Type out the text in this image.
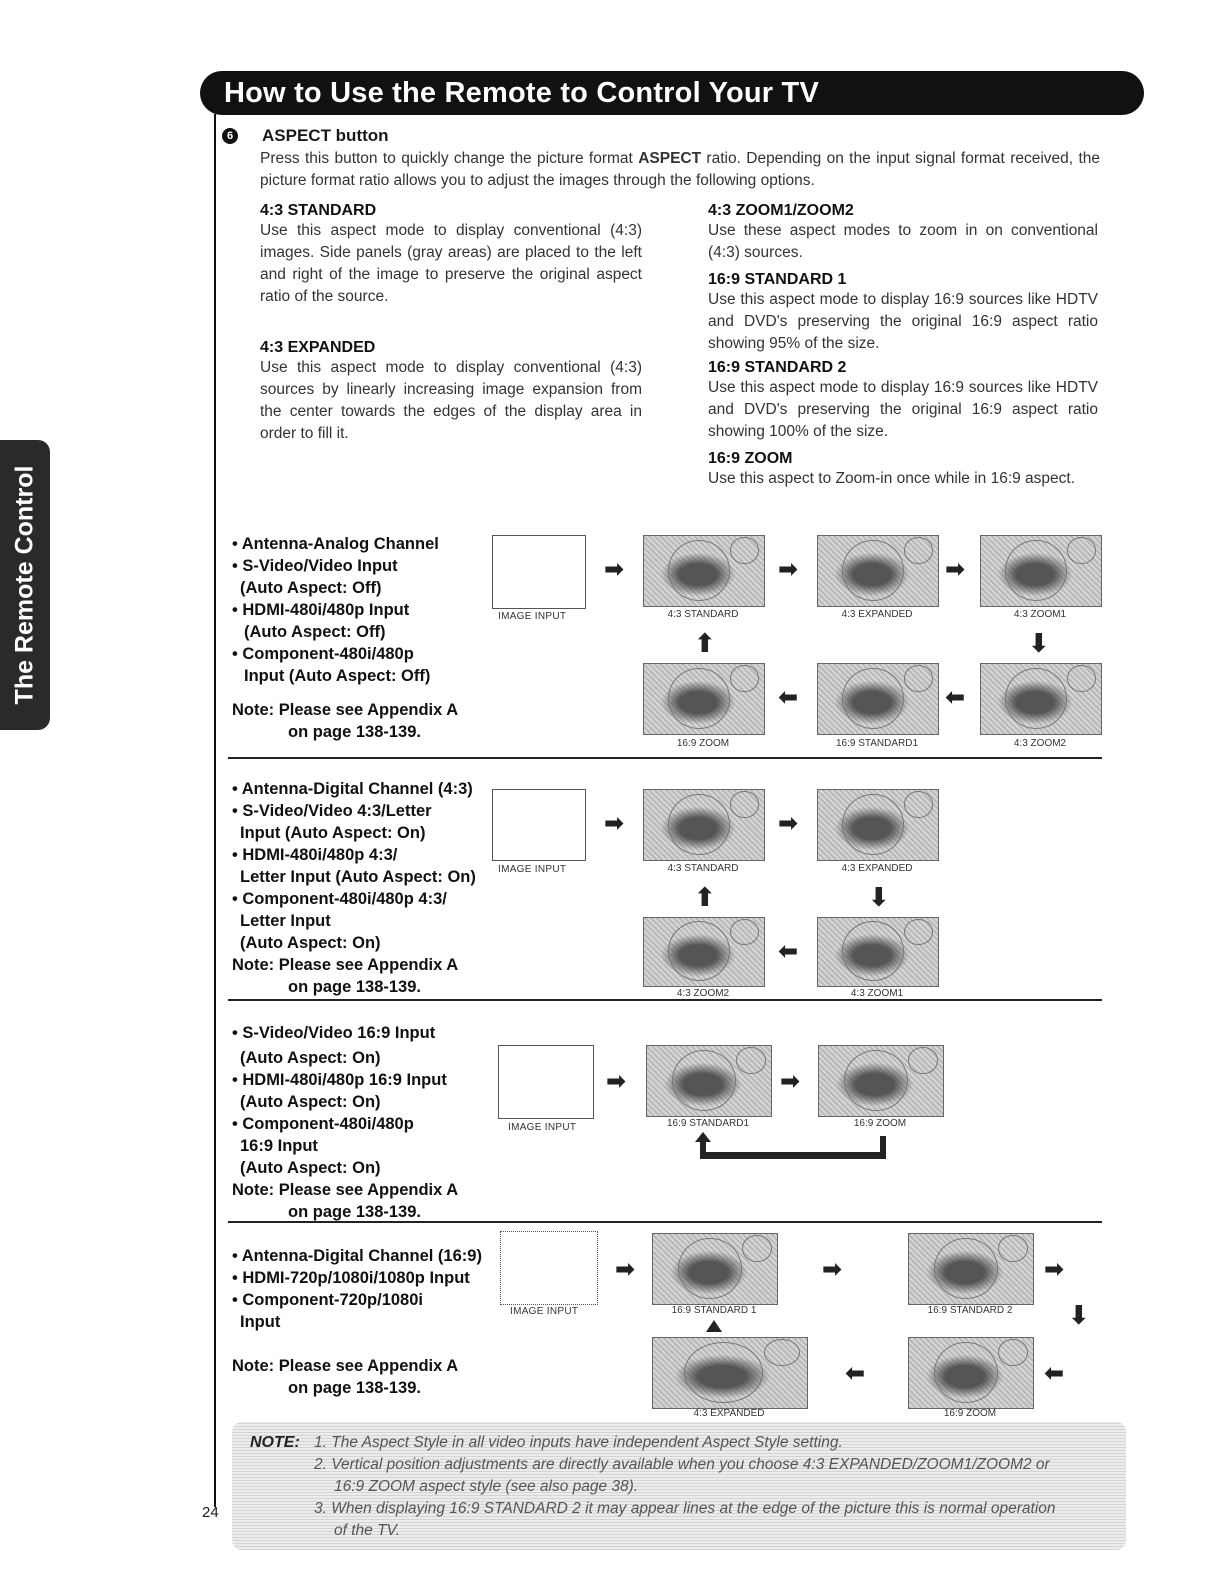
How to Use the Remote to Control Your TV
24
The Remote Control
6 ASPECT button
Press this button to quickly change the picture format ASPECT ratio. Depending on the input signal format received, the picture format ratio allows you to adjust the images through the following options.
4:3 STANDARD
Use this aspect mode to display conventional (4:3) images. Side panels (gray areas) are placed to the left and right of the image to preserve the original aspect ratio of the source.
4:3 EXPANDED
Use this aspect mode to display conventional (4:3) sources by linearly increasing image expansion from the center towards the edges of the display area in order to fill it.
4:3 ZOOM1/ZOOM2
Use these aspect modes to zoom in on conventional (4:3) sources.
16:9 STANDARD 1
Use this aspect mode to display 16:9 sources like HDTV and DVD's preserving the original 16:9 aspect ratio showing 95% of the size.
16:9 STANDARD 2
Use this aspect mode to display 16:9 sources like HDTV and DVD's preserving the original 16:9 aspect ratio showing 100% of the size.
16:9 ZOOM
Use this aspect to Zoom-in once while in 16:9 aspect.
• Antenna-Analog Channel
• S-Video/Video Input
(Auto Aspect: Off)
• HDMI-480i/480p Input
(Auto Aspect: Off)
• Component-480i/480p
Input (Auto Aspect: Off)
Note: Please see Appendix A
on page 138-139.
IMAGE INPUT	4:3 STANDARD	4:3 EXPANDED	4:3 ZOOM1
➡	➡	➡
⬆	⬇
16:9 ZOOM	16:9 STANDARD1	4:3 ZOOM2
⬅	⬅
• Antenna-Digital Channel (4:3)
• S-Video/Video 4:3/Letter
Input (Auto Aspect: On)
• HDMI-480i/480p 4:3/
Letter Input (Auto Aspect: On)
• Component-480i/480p 4:3/
Letter Input
(Auto Aspect: On)
Note: Please see Appendix A
on page 138-139.
IMAGE INPUT	4:3 STANDARD	4:3 EXPANDED
➡	➡
⬆	⬇
4:3 ZOOM2	4:3 ZOOM1
⬅
• S-Video/Video 16:9 Input
(Auto Aspect: On)
• HDMI-480i/480p 16:9 Input
(Auto Aspect: On)
• Component-480i/480p
16:9 Input
(Auto Aspect: On)
Note: Please see Appendix A
on page 138-139.
IMAGE INPUT	16:9 STANDARD1	16:9 ZOOM
➡	➡
• Antenna-Digital Channel (16:9)
• HDMI-720p/1080i/1080p Input
• Component-720p/1080i
Input
Note: Please see Appendix A
on page 138-139.
IMAGE INPUT	16:9 STANDARD 1	16:9 STANDARD 2
➡	➡	➡
⬇
4:3 EXPANDED	16:9 ZOOM
⬅	⬅
NOTE: 1. The Aspect Style in all video inputs have independent Aspect Style setting.
2. Vertical position adjustments are directly available when you choose 4:3 EXPANDED/ZOOM1/ZOOM2 or
16:9 ZOOM aspect style (see also page 38).
3. When displaying 16:9 STANDARD 2 it may appear lines at the edge of the picture this is normal operation
of the TV.
